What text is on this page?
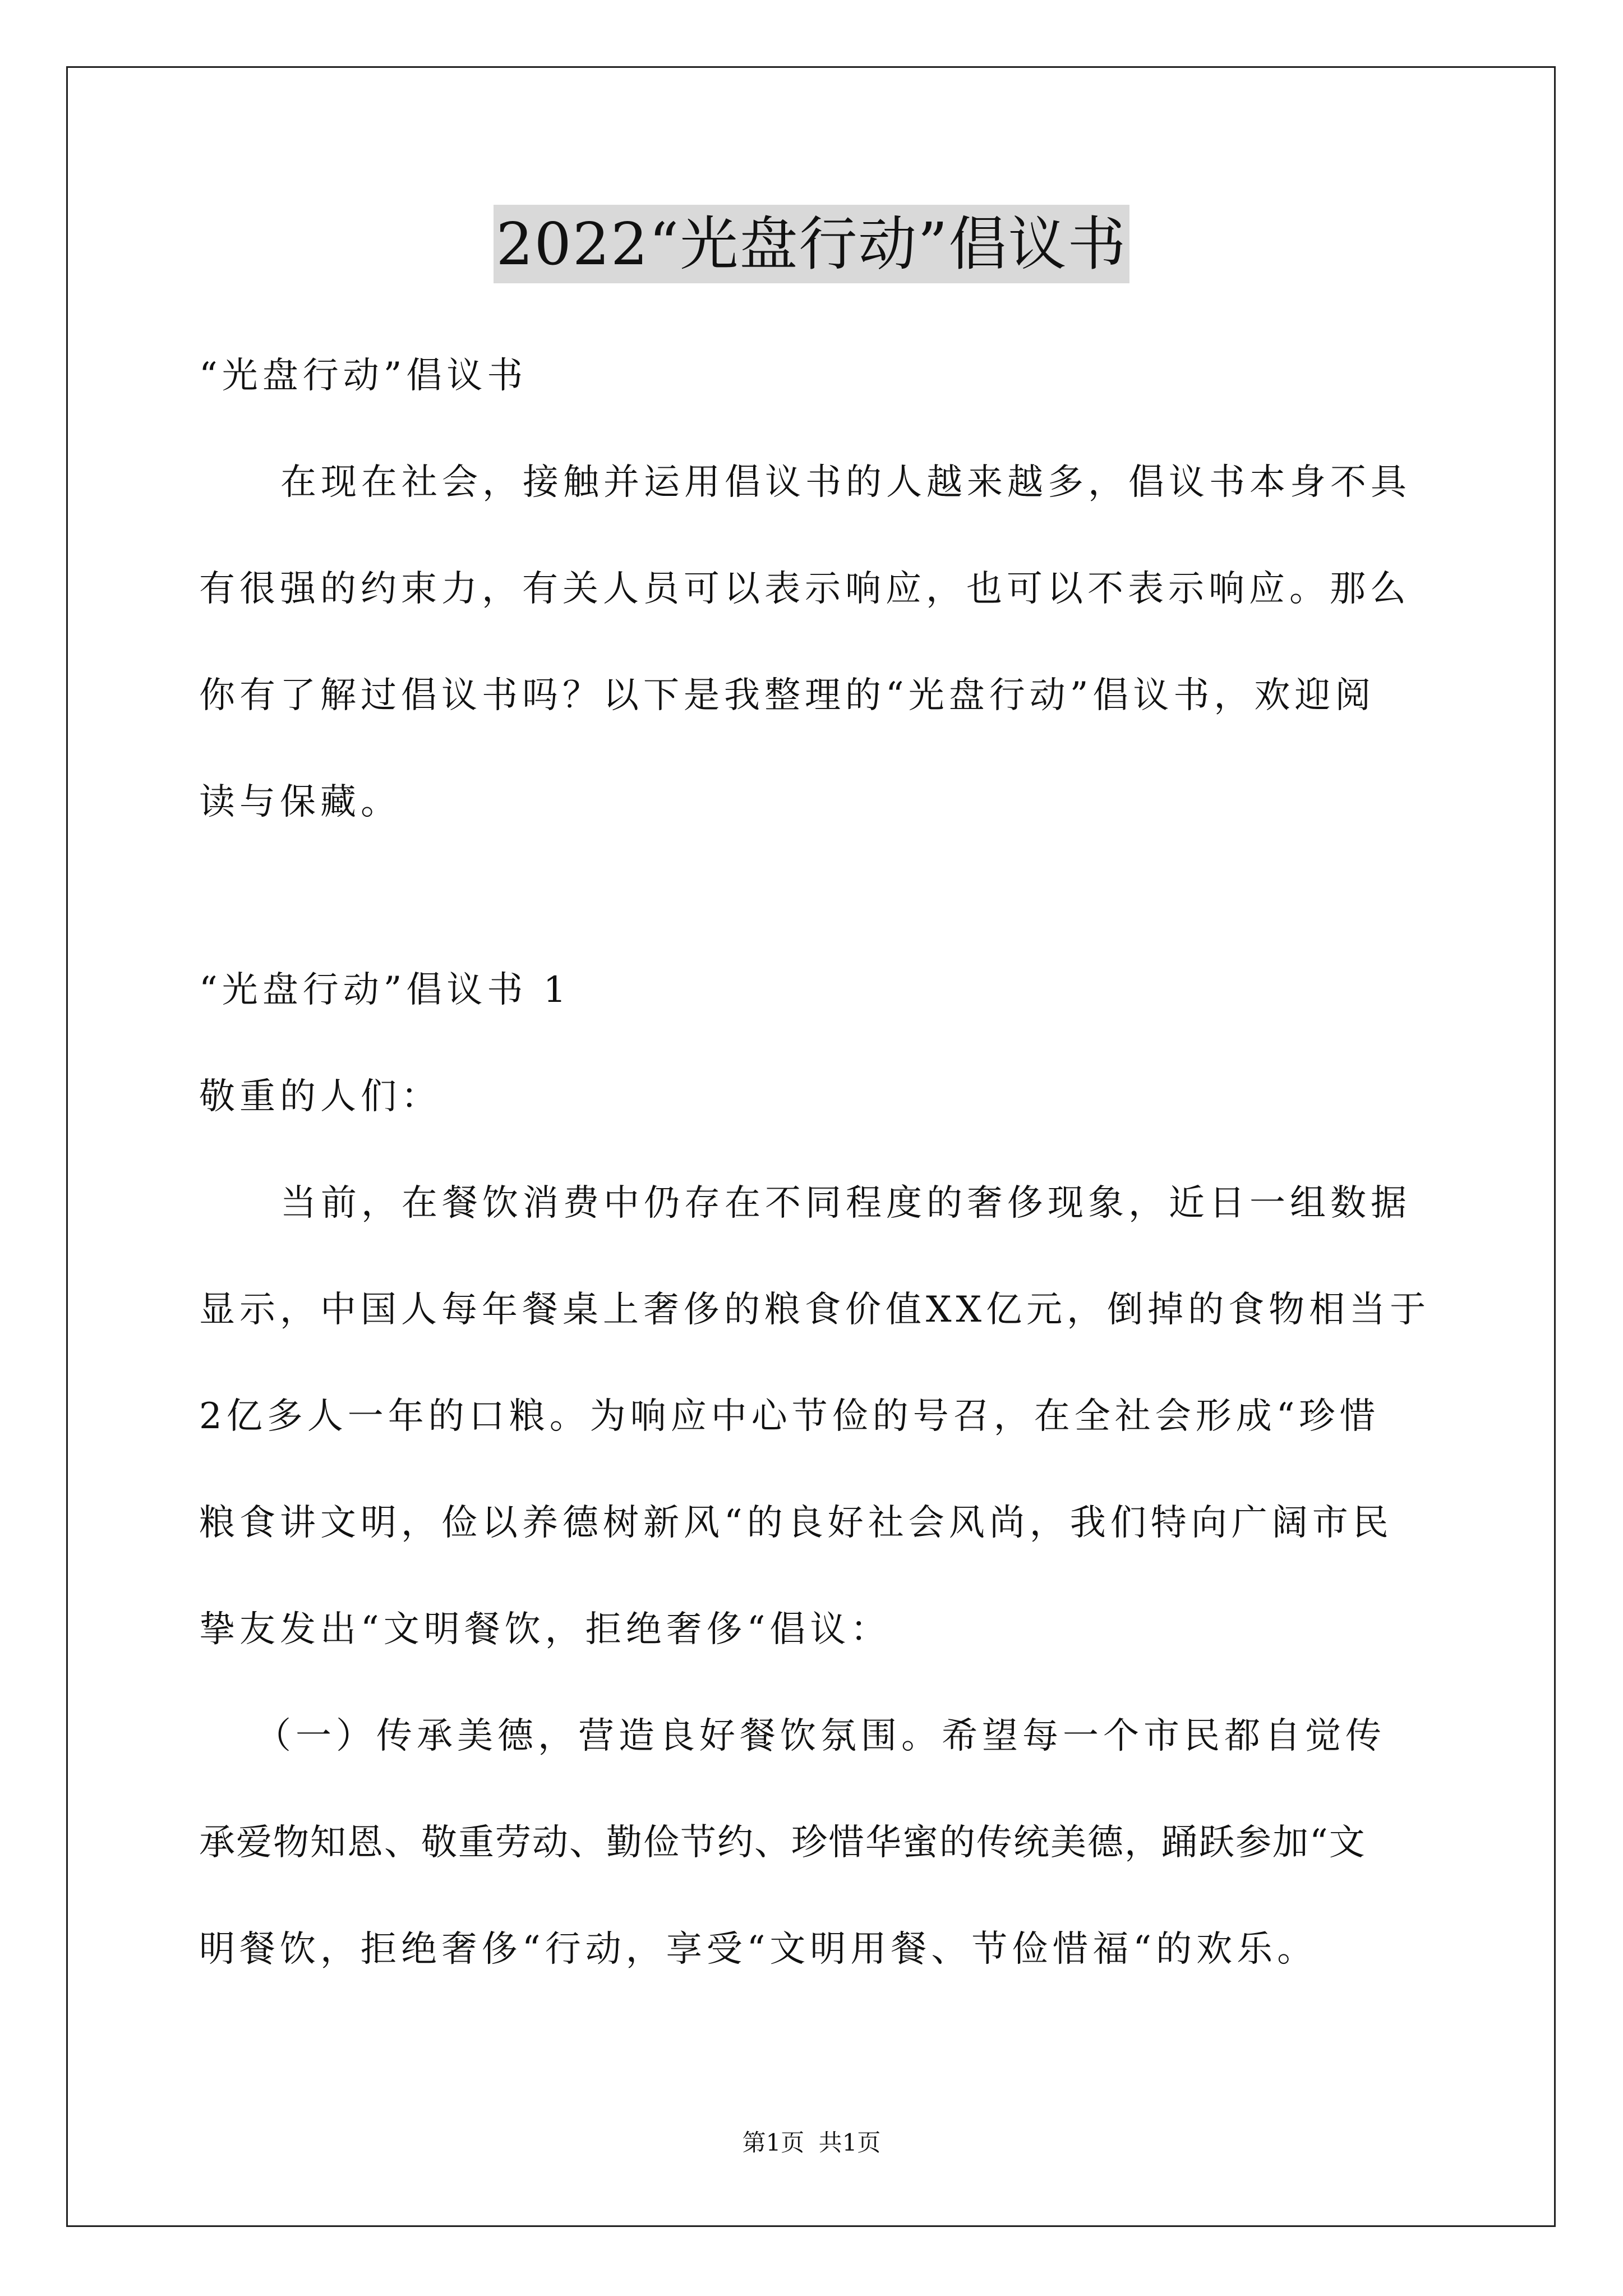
2022“光盘行动”倡议书
“光盘行动”倡议书
在现在社会，接触并运用倡议书的人越来越多，倡议书本身不具
有很强的约束力，有关人员可以表示响应，也可以不表示响应。那么
你有了解过倡议书吗？以下是我整理的“光盘行动”倡议书，欢迎阅
读与保藏。
“光盘行动”倡议书 1
敬重的人们：
当前，在餐饮消费中仍存在不同程度的奢侈现象，近日一组数据
显示，中国人每年餐桌上奢侈的粮食价值XX亿元，倒掉的食物相当于
2亿多人一年的口粮。为响应中心节俭的号召，在全社会形成“珍惜
粮食讲文明，俭以养德树新风“的良好社会风尚，我们特向广阔市民
挚友发出“文明餐饮，拒绝奢侈“倡议：
（一）传承美德，营造良好餐饮氛围。希望每一个市民都自觉传
承爱物知恩、敬重劳动、勤俭节约、珍惜华蜜的传统美德，踊跃参加“文
明餐饮，拒绝奢侈“行动，享受“文明用餐、节俭惜福“的欢乐。
第1页 共1页
